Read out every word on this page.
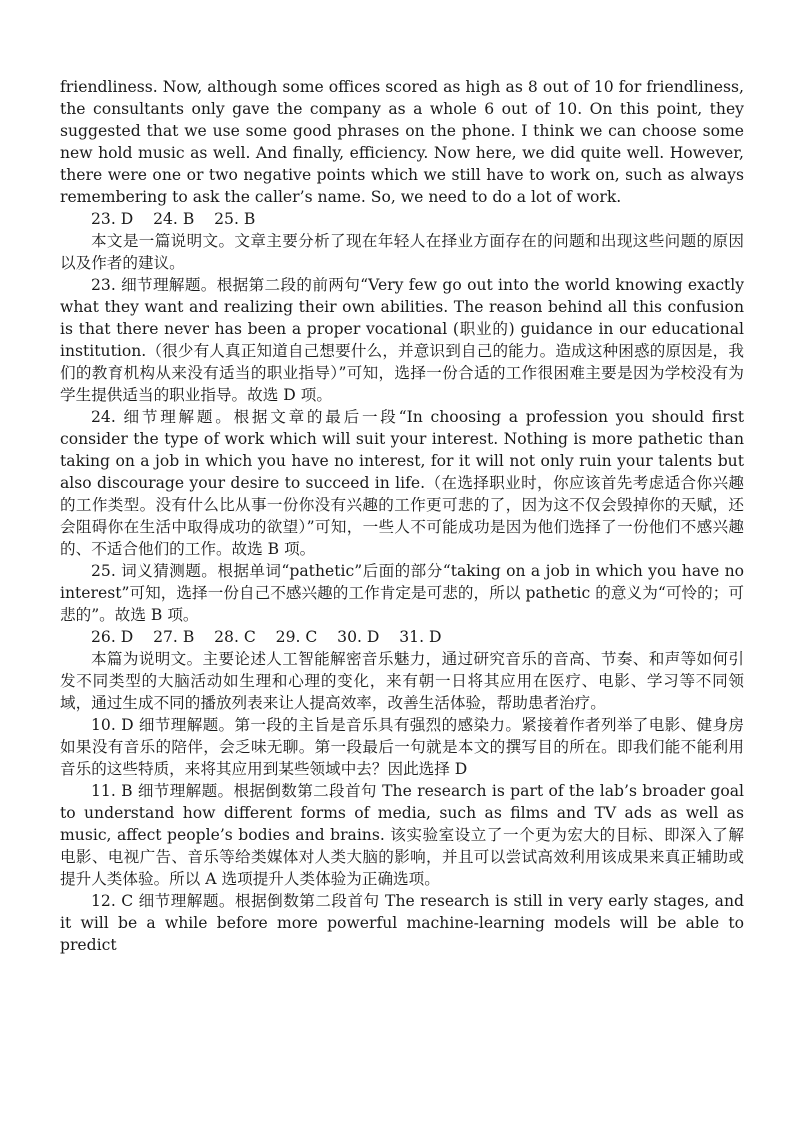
friendliness. Now, although some offices scored as high as 8 out of 10 for friendliness, the consultants only gave the company as a whole 6 out of 10. On this point, they suggested that we use some good phrases on the phone. I think we can choose some new hold music as well. And finally, efficiency. Now here, we did quite well. However, there were one or two negative points which we still have to work on, such as always remembering to ask the caller’s name. So, we need to do a lot of work.

23. D    24. B    25. B

本文是一篇说明文。文章主要分析了现在年轻人在择业方面存在的问题和出现这些问题的原因以及作者的建议。

23. 细节理解题。根据第二段的前两句“Very few go out into the world knowing exactly what they want and realizing their own abilities. The reason behind all this confusion is that there never has been a proper vocational (职业的) guidance in our educational institution.（很少有人真正知道自己想要什么，并意识到自己的能力。造成这种困惑的原因是，我们的教育机构从来没有适当的职业指导）”可知，选择一份合适的工作很困难主要是因为学校没有为学生提供适当的职业指导。故选 D 项。

24. 细节理解题。根据文章的最后一段“In choosing a profession you should first consider the type of work which will suit your interest. Nothing is more pathetic than taking on a job in which you have no interest, for it will not only ruin your talents but also discourage your desire to succeed in life.（在选择职业时，你应该首先考虑适合你兴趣的工作类型。没有什么比从事一份你没有兴趣的工作更可悲的了，因为这不仅会毁掉你的天赋，还会阻碍你在生活中取得成功的欲望）”可知，一些人不可能成功是因为他们选择了一份他们不感兴趣的、不适合他们的工作。故选 B 项。

25. 词义猜测题。根据单词“pathetic”后面的部分“taking on a job in which you have no interest”可知，选择一份自己不感兴趣的工作肯定是可悲的，所以 pathetic 的意义为“可怜的；可悲的”。故选 B 项。

26. D    27. B    28. C    29. C    30. D    31. D

本篇为说明文。主要论述人工智能解密音乐魅力，通过研究音乐的音高、节奏、和声等如何引发不同类型的大脑活动如生理和心理的变化，来有朝一日将其应用在医疗、电影、学习等不同领域，通过生成不同的播放列表来让人提高效率，改善生活体验，帮助患者治疗。

10. D 细节理解题。第一段的主旨是音乐具有强烈的感染力。紧接着作者列举了电影、健身房如果没有音乐的陪伴，会乏味无聊。第一段最后一句就是本文的撰写目的所在。即我们能不能利用音乐的这些特质，来将其应用到某些领域中去？因此选择 D

11. B 细节理解题。根据倒数第二段首句 The research is part of the lab’s broader goal to understand how different forms of media, such as films and TV ads as well as music, affect people’s bodies and brains. 该实验室设立了一个更为宏大的目标、即深入了解电影、电视广告、音乐等给类媒体对人类大脑的影响，并且可以尝试高效利用该成果来真正辅助或提升人类体验。所以 A 选项提升人类体验为正确选项。

12. C 细节理解题。根据倒数第二段首句 The research is still in very early stages, and it will be a while before more powerful machine-learning models will be able to predict
